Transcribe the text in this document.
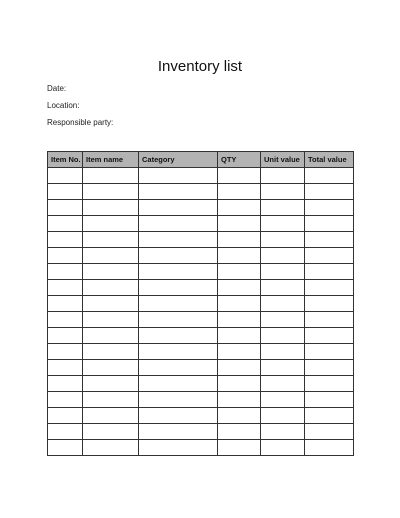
Inventory list
Date:
Location:
Responsible party:
Item No.	Item name	Category	QTY	Unit value	Total value
